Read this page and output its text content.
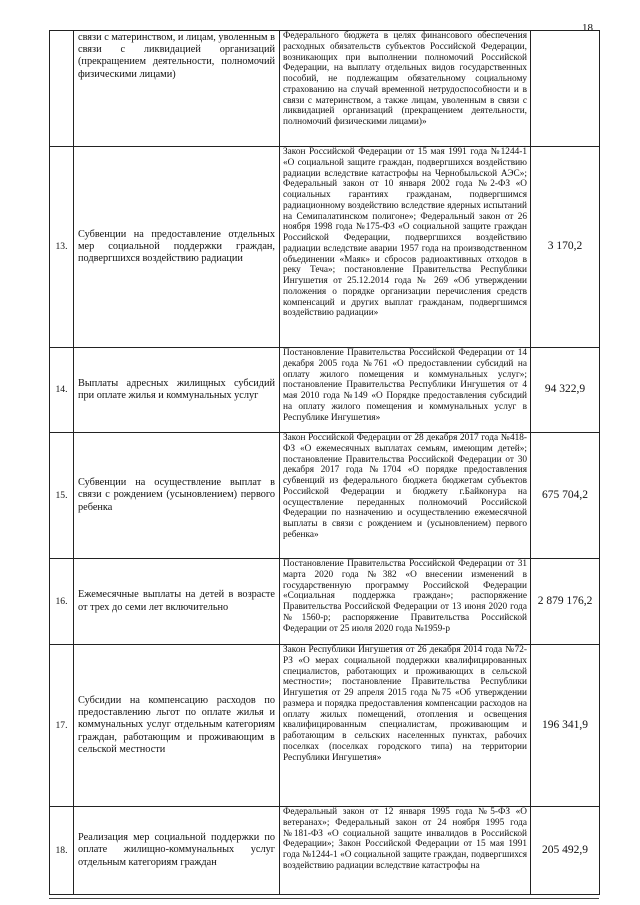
18
	связи с материнством, и лицам, уволенным в связи с ликвидацией организаций (прекращением деятельности, полномочий физическими лицами)	Федерального бюджета в целях финансового обеспечения расходных обязательств субъектов Российской Федерации, возникающих при выполнении полномочий Российской Федерации, на выплату отдельных видов государственных пособий, не подлежащим обязательному социальному страхованию на случай временной нетрудоспособности и в связи с материнством, а также лицам, уволенным в связи с ликвидацией организаций (прекращением деятельности, полномочий физическими лицами)»	
13.	Субвенции на предоставление отдельных мер социальной поддержки граждан, подвергшихся воздействию радиации	Закон Российской Федерации от 15 мая 1991 года №1244-1 «О социальной защите граждан, подвергшихся воздействию радиации вследствие катастрофы на Чернобыльской АЭС»; Федеральный закон от 10 января 2002 года №2-ФЗ «О социальных гарантиях гражданам, подвергшимся радиационному воздействию вследствие ядерных испытаний на Семипалатинском полигоне»; Федеральный закон от 26 ноября 1998 года №175-ФЗ «О социальной защите граждан Российской Федерации, подвергшихся воздействию радиации вследствие аварии 1957 года на производственном объединении «Маяк» и сбросов радиоактивных отходов в реку Теча»; постановление Правительства Республики Ингушетия от 25.12.2014 года № 269 «Об утверждении положения о порядке организации перечисления средств компенсаций и других выплат гражданам, подвергшимся воздействию радиации»	3 170,2
14.	Выплаты адресных жилищных субсидий при оплате жилья и коммунальных услуг	Постановление Правительства Российской Федерации от 14 декабря 2005 года №761 «О предоставлении субсидий на оплату жилого помещения и коммунальных услуг»; постановление Правительства Республики Ингушетия от 4 мая 2010 года №149 «О Порядке предоставления субсидий на оплату жилого помещения и коммунальных услуг в Республике Ингушетия»	94 322,9
15.	Субвенции на осуществление выплат в связи с рождением (усыновлением) первого ребенка	Закон Российской Федерации от 28 декабря 2017 года №418-ФЗ «О ежемесячных выплатах семьям, имеющим детей»; постановление Правительства Российской Федерации от 30 декабря 2017 года №1704 «О порядке предоставления субвенций из федерального бюджета бюджетам субъектов Российской Федерации и бюджету г.Байконура на осуществление переданных полномочий Российской Федерации по назначению и осуществлению ежемесячной выплаты в связи с рождением и (усыновлением) первого ребенка»	675 704,2
16.	Ежемесячные выплаты на детей в возрасте от трех до семи лет включительно	Постановление Правительства Российской Федерации от 31 марта 2020 года №382 «О внесении изменений в государственную программу Российской Федерации «Социальная поддержка граждан»; распоряжение Правительства Российской Федерации от 13 июня 2020 года №1560-р; распоряжение Правительства Российской Федерации от 25 июля 2020 года №1959-р	2 879 176,2
17.	Субсидии на компенсацию расходов по предоставлению льгот по оплате жилья и коммунальных услуг отдельным категориям граждан, работающим и проживающим в сельской местности	Закон Республики Ингушетия от 26 декабря 2014 года №72-РЗ «О мерах социальной поддержки квалифицированных специалистов, работающих и проживающих в сельской местности»; постановление Правительства Республики Ингушетия от 29 апреля 2015 года №75 «Об утверждении размера и порядка предоставления компенсации расходов на оплату жилых помещений, отопления и освещения квалифицированным специалистам, проживающим и работающим в сельских населенных пунктах, рабочих поселках (поселках городского типа) на территории Республики Ингушетия»	196 341,9
18.	Реализация мер социальной поддержки по оплате жилищно-коммунальных услуг отдельным категориям граждан	Федеральный закон от 12 января 1995 года №5-ФЗ «О ветеранах»; Федеральный закон от 24 ноября 1995 года №181-ФЗ «О социальной защите инвалидов в Российской Федерации»; Закон Российской Федерации от 15 мая 1991 года №1244-1 «О социальной защите граждан, подвергшихся воздействию радиации вследствие катастрофы на	205 492,9
